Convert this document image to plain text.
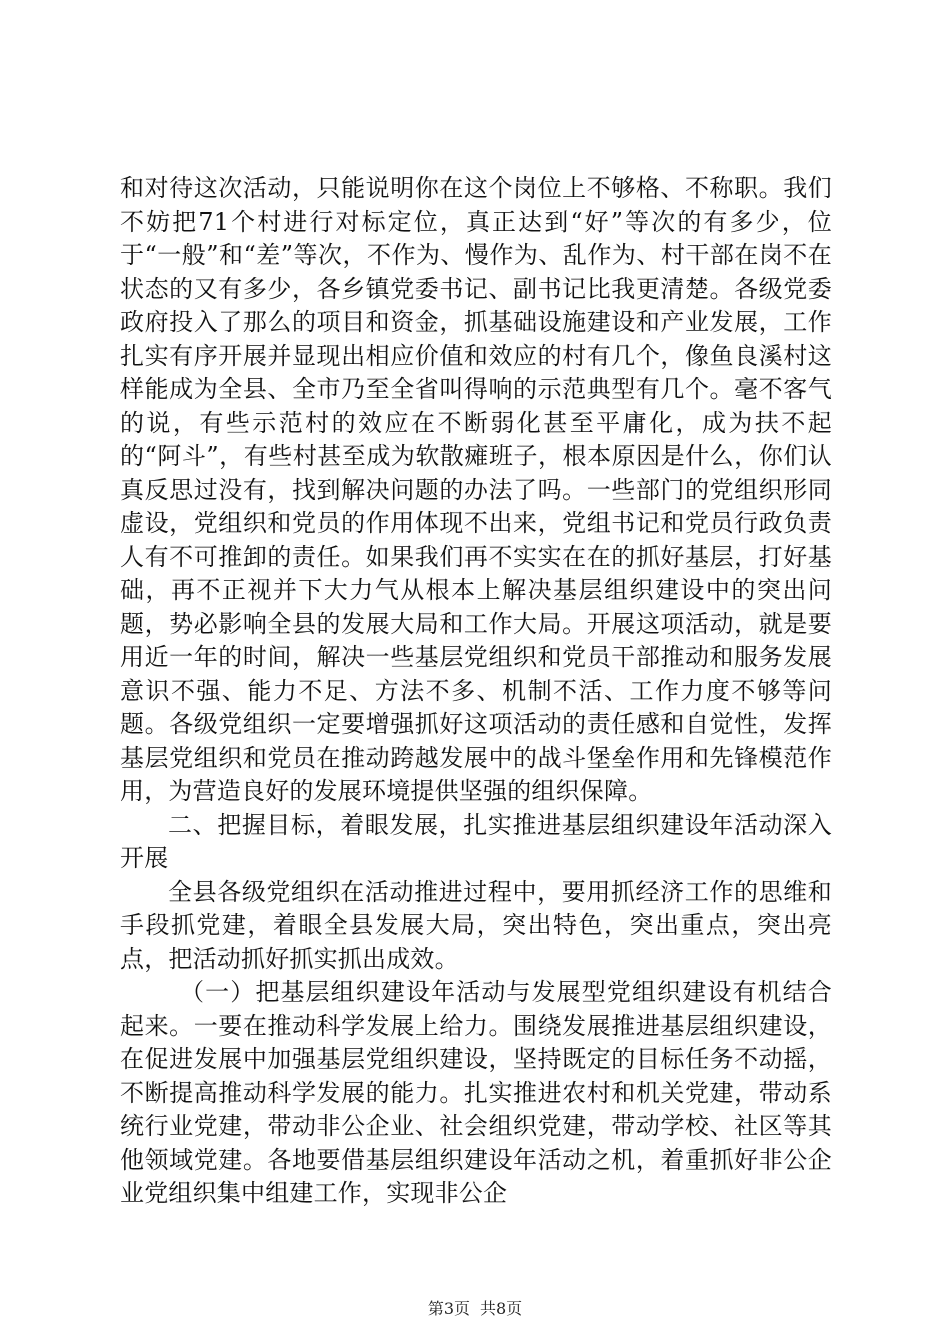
和对待这次活动，只能说明你在这个岗位上不够格、不称职。我们不妨把71个村进行对标定位，真正达到“好”等次的有多少，位于“一般”和“差”等次，不作为、慢作为、乱作为、村干部在岗不在状态的又有多少，各乡镇党委书记、副书记比我更清楚。各级党委政府投入了那么的项目和资金，抓基础设施建设和产业发展，工作扎实有序开展并显现出相应价值和效应的村有几个，像鱼良溪村这样能成为全县、全市乃至全省叫得响的示范典型有几个。毫不客气的说，有些示范村的效应在不断弱化甚至平庸化，成为扶不起的“阿斗”，有些村甚至成为软散瘫班子，根本原因是什么，你们认真反思过没有，找到解决问题的办法了吗。一些部门的党组织形同虚设，党组织和党员的作用体现不出来，党组书记和党员行政负责人有不可推卸的责任。如果我们再不实实在在的抓好基层，打好基础，再不正视并下大力气从根本上解决基层组织建设中的突出问题，势必影响全县的发展大局和工作大局。开展这项活动，就是要用近一年的时间，解决一些基层党组织和党员干部推动和服务发展意识不强、能力不足、方法不多、机制不活、工作力度不够等问题。各级党组织一定要增强抓好这项活动的责任感和自觉性，发挥基层党组织和党员在推动跨越发展中的战斗堡垒作用和先锋模范作用，为营造良好的发展环境提供坚强的组织保障。

二、把握目标，着眼发展，扎实推进基层组织建设年活动深入开展

全县各级党组织在活动推进过程中，要用抓经济工作的思维和手段抓党建，着眼全县发展大局，突出特色，突出重点，突出亮点，把活动抓好抓实抓出成效。

（一）把基层组织建设年活动与发展型党组织建设有机结合起来。一要在推动科学发展上给力。围绕发展推进基层组织建设，在促进发展中加强基层党组织建设，坚持既定的目标任务不动摇，不断提高推动科学发展的能力。扎实推进农村和机关党建，带动系统行业党建，带动非公企业、社会组织党建，带动学校、社区等其他领域党建。各地要借基层组织建设年活动之机，着重抓好非公企业党组织集中组建工作，实现非公企

第3页 共8页
